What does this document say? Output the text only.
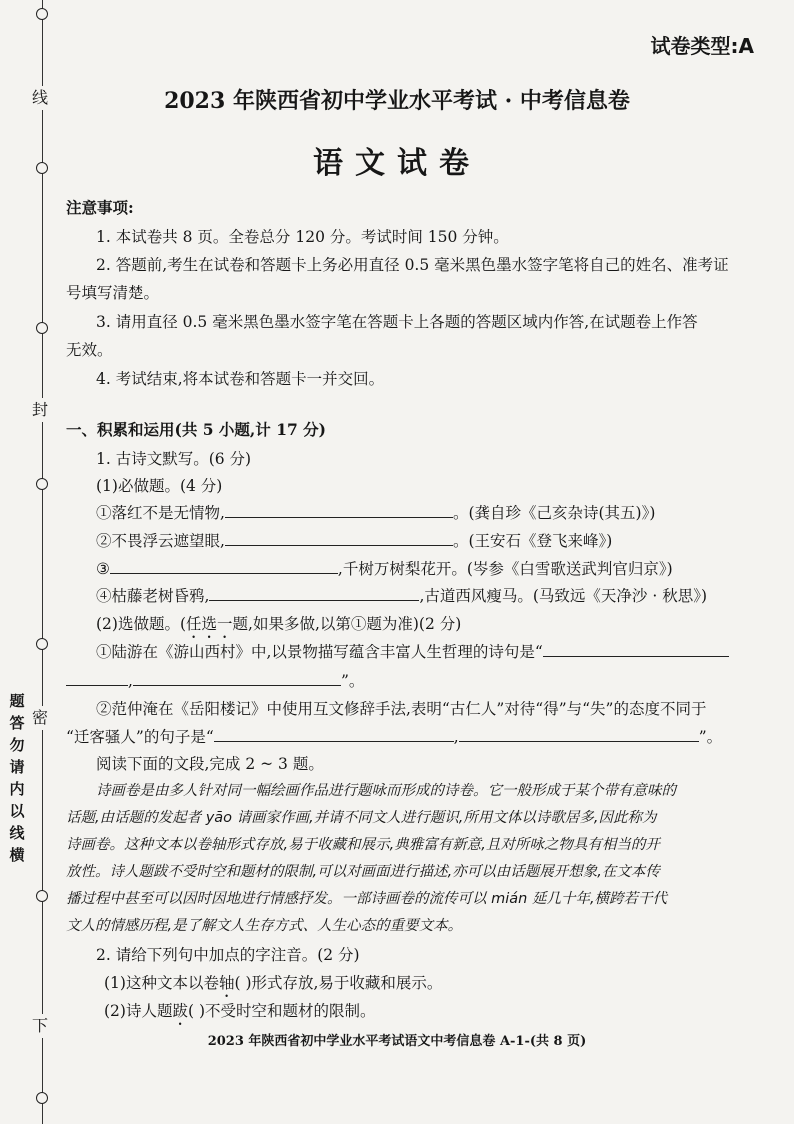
线
封
密
下
题
答
勿
请
内
以
线
横
试卷类型:A
2023 年陕西省初中学业水平考试 · 中考信息卷
语文试卷
注意事项:
1. 本试卷共 8 页。全卷总分 120 分。考试时间 150 分钟。
2. 答题前,考生在试卷和答题卡上务必用直径 0.5 毫米黑色墨水签字笔将自己的姓名、准考证
号填写清楚。
3. 请用直径 0.5 毫米黑色墨水签字笔在答题卡上各题的答题区域内作答,在试题卷上作答
无效。
4. 考试结束,将本试卷和答题卡一并交回。
一、积累和运用(共 5 小题,计 17 分)
1. 古诗文默写。(6 分)
(1)必做题。(4 分)
①落红不是无情物,	。(龚自珍《己亥杂诗(其五)》)
②不畏浮云遮望眼,	。(王安石《登飞来峰》)
③	,千树万树梨花开。(岑参《白雪歌送武判官归京》)
④枯藤老树昏鸦,	,古道西风瘦马。(马致远《天净沙 · 秋思》)
(2)选做题。(任选一题,如果多做,以第①题为准)(2 分)
①陆游在《游山西村》中,以景物描写蕴含丰富人生哲理的诗句是“
,	”。
②范仲淹在《岳阳楼记》中使用互文修辞手法,表明“古仁人”对待“得”与“失”的态度不同于
“迁客骚人”的句子是“	,	”。
阅读下面的文段,完成 2 ~ 3 题。
诗画卷是由多人针对同一幅绘画作品进行题咏而形成的诗卷。它一般形成于某个带有意味的
话题,由话题的发起者 yāo 请画家作画,并请不同文人进行题识,所用文体以诗歌居多,因此称为
诗画卷。这种文本以卷轴形式存放,易于收藏和展示,典雅富有新意,且对所咏之物具有相当的开
放性。诗人题跋不受时空和题材的限制,可以对画面进行描述,亦可以由话题展开想象,在文本传
播过程中甚至可以因时因地进行情感抒发。一部诗画卷的流传可以 mián 延几十年,横跨若干代
文人的情感历程,是了解文人生存方式、人生心态的重要文本。
2. 请给下列句中加点的字注音。(2 分)
(1)这种文本以卷轴( )形式存放,易于收藏和展示。
(2)诗人题跋( )不受时空和题材的限制。
2023 年陕西省初中学业水平考试语文中考信息卷 A-1-(共 8 页)
